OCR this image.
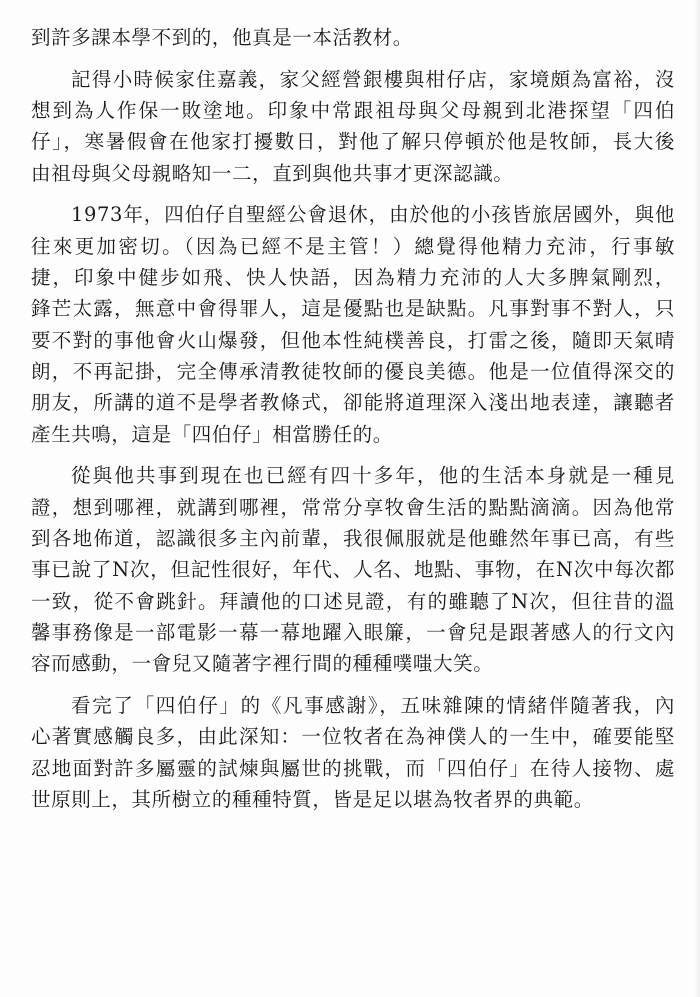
到許多課本學不到的，他真是一本活教材。
記得小時候家住嘉義，家父經營銀樓與柑仔店，家境頗為富裕，沒
想到為人作保一敗塗地。印象中常跟祖母與父母親到北港探望「四伯
仔」，寒暑假會在他家打擾數日，對他了解只停頓於他是牧師，長大後
由祖母與父母親略知一二，直到與他共事才更深認識。
1973年，四伯仔自聖經公會退休，由於他的小孩皆旅居國外，與他
往來更加密切。（因為已經不是主管！）總覺得他精力充沛，行事敏
捷，印象中健步如飛、快人快語，因為精力充沛的人大多脾氣剛烈，
鋒芒太露，無意中會得罪人，這是優點也是缺點。凡事對事不對人，只
要不對的事他會火山爆發，但他本性純樸善良，打雷之後，隨即天氣晴
朗，不再記掛，完全傳承清教徒牧師的優良美德。他是一位值得深交的
朋友，所講的道不是學者教條式，卻能將道理深入淺出地表達，讓聽者
產生共鳴，這是「四伯仔」相當勝任的。
從與他共事到現在也已經有四十多年，他的生活本身就是一種見
證，想到哪裡，就講到哪裡，常常分享牧會生活的點點滴滴。因為他常
到各地佈道，認識很多主內前輩，我很佩服就是他雖然年事已高，有些
事已說了N次，但記性很好，年代、人名、地點、事物，在N次中每次都
一致，從不會跳針。拜讀他的口述見證，有的雖聽了N次，但往昔的溫
馨事務像是一部電影一幕一幕地躍入眼簾，一會兒是跟著感人的行文內
容而感動，一會兒又隨著字裡行間的種種噗嗤大笑。
看完了「四伯仔」的《凡事感謝》，五味雜陳的情緒伴隨著我，內
心著實感觸良多，由此深知：一位牧者在為神僕人的一生中，確要能堅
忍地面對許多屬靈的試煉與屬世的挑戰，而「四伯仔」在待人接物、處
世原則上，其所樹立的種種特質，皆是足以堪為牧者界的典範。
